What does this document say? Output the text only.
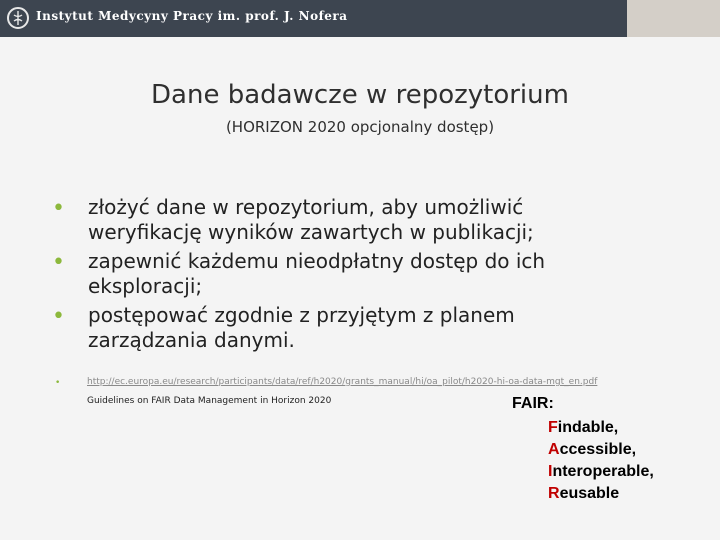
Instytut Medycyny Pracy im. prof. J. Nofera
Dane badawcze w repozytorium
(HORIZON 2020 opcjonalny dostęp)
• złożyć dane w repozytorium, aby umożliwić weryfikację wyników zawartych w publikacji;
• zapewnić każdemu nieodpłatny dostęp do ich eksploracji;
• postępować zgodnie z przyjętym z planem zarządzania danymi.
•	http://ec.europa.eu/research/participants/data/ref/h2020/grants_manual/hi/oa_pilot/h2020-hi-oa-data-mgt_en.pdf
Guidelines on FAIR Data Management in Horizon 2020	FAIR:
Findable,
Accessible,
Interoperable,
Reusable
